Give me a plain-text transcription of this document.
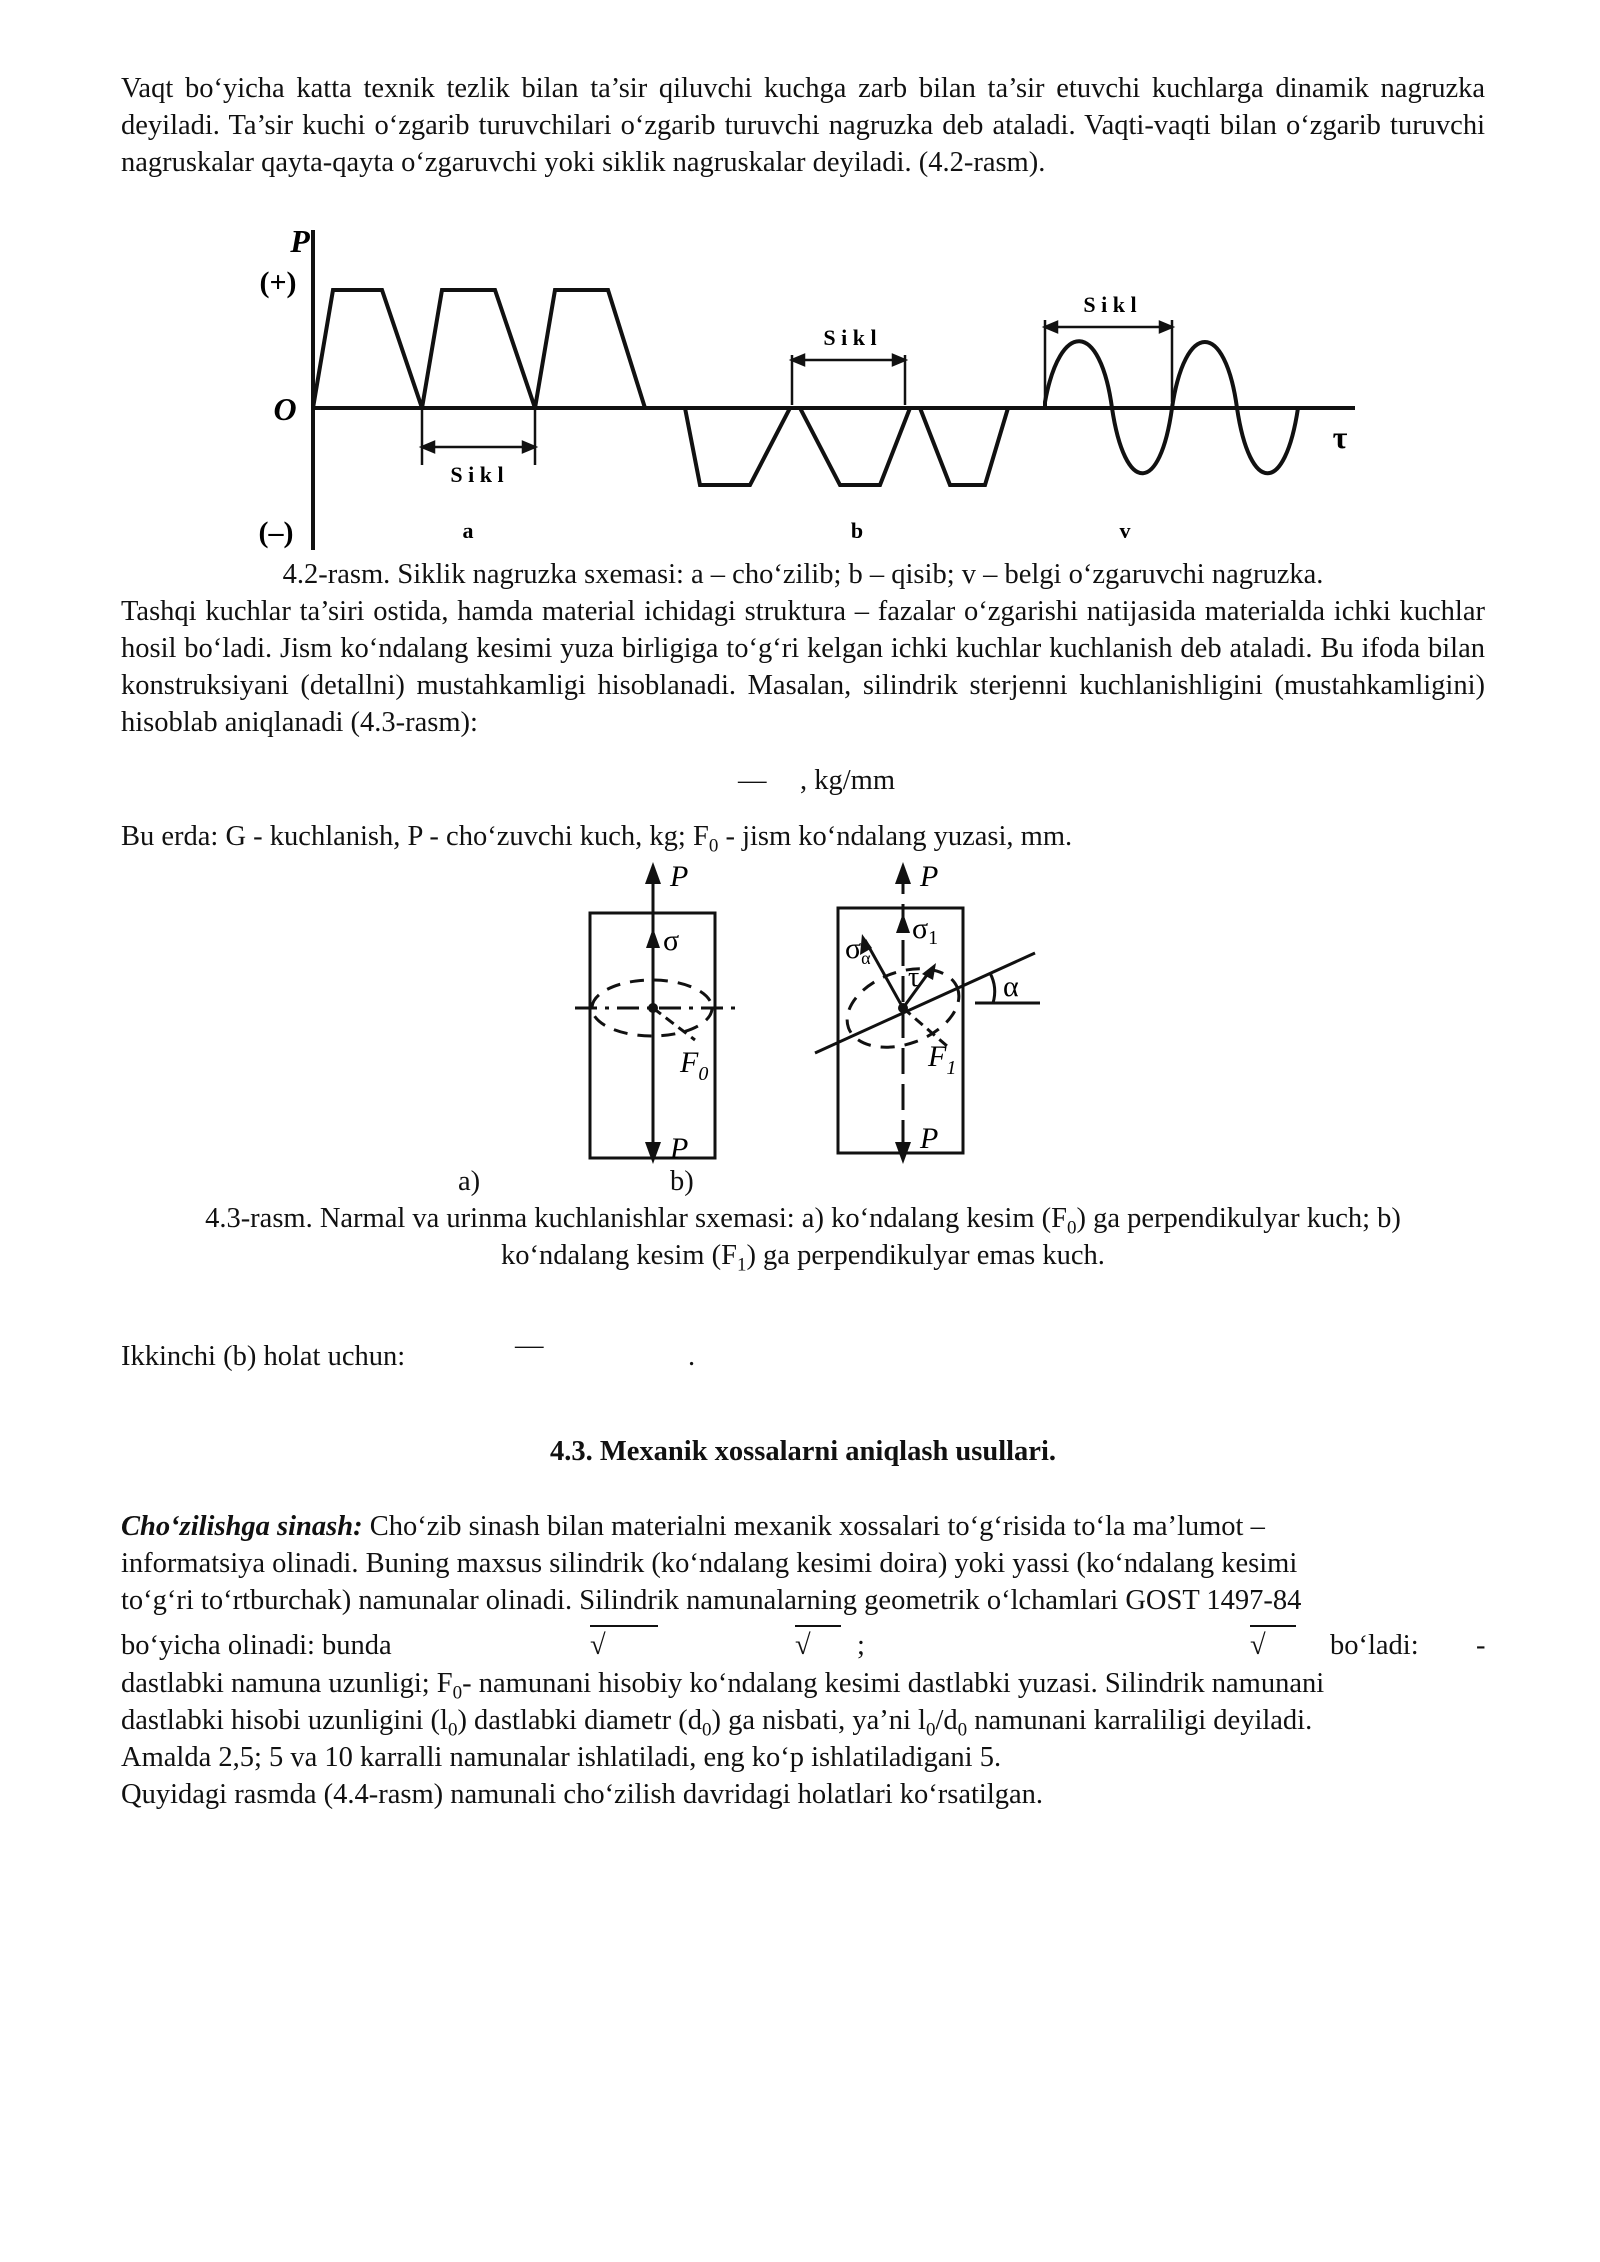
Vaqt bo‘yicha katta texnik tezlik bilan ta’sir qiluvchi kuchga zarb bilan ta’sir etuvchi kuchlarga dinamik nagruzka deyiladi. Ta’sir kuchi o‘zgarib turuvchilari o‘zgarib turuvchi nagruzka deb ataladi. Vaqti-vaqti bilan o‘zgarib turuvchi nagruskalar qayta-qayta o‘zgaruvchi yoki siklik nagruskalar deyiladi. (4.2-rasm).

P
(+)
(–)
O
τ
S i k l
S i k l
S i k l
a	b	v

4.2-rasm. Siklik nagruzka sxemasi: a – cho‘zilib; b – qisib; v – belgi o‘zgaruvchi nagruzka.

Tashqi kuchlar ta’siri ostida, hamda material ichidagi struktura – fazalar o‘zgarishi natijasida materialda ichki kuchlar hosil bo‘ladi. Jism ko‘ndalang kesimi yuza birligiga to‘g‘ri kelgan ichki kuchlar kuchlanish deb ataladi. Bu ifoda bilan konstruksiyani (detallni) mustahkamligi hisoblanadi. Masalan, silindrik sterjenni kuchlanishligini (mustahkamligini) hisoblab aniqlanadi (4.3-rasm):

— , kg/mm

Bu erda: G - kuchlanish, P - cho‘zuvchi kuch, kg; $F_0$ - jism ko‘ndalang yuzasi, mm.

P
P
σ
$F_0$
P
P
$\sigma_\alpha$
$\sigma_1$
τ	α
$F_1$
a)	b)

4.3-rasm. Narmal va urinma kuchlanishlar sxemasi: a) ko‘ndalang kesim $(F_0)$ ga perpendikulyar kuch; b)

ko‘ndalang kesim $(F_1)$ ga perpendikulyar emas kuch.

Ikkinchi (b) holat uchun:	—	.

4.3. Mexanik xossalarni aniqlash usullari.

Cho‘zilishga sinash: Cho‘zib sinash bilan materialni mexanik xossalari to‘g‘risida to‘la ma’lumot –

informatsiya olinadi. Buning maxsus silindrik (ko‘ndalang kesimi doira) yoki yassi (ko‘ndalang kesimi

to‘g‘ri to‘rtburchak) namunalar olinadi. Silindrik namunalarning geometrik o‘lchamlari GOST 1497-84

bo‘yicha olinadi: bunda	√	√	;	√	bo‘ladi: -

dastlabki namuna uzunligi; $F_0-$ namunani hisobiy ko‘ndalang kesimi dastlabki yuzasi. Silindrik namunani

dastlabki hisobi uzunligini $(l_0)$ dastlabki diametr $(d_0)$ ga nisbati, ya’ni $l_0/d_0$ namunani karraliligi deyiladi.

Amalda 2,5; 5 va 10 karralli namunalar ishlatiladi, eng ko‘p ishlatiladigani 5.

Quyidagi rasmda (4.4-rasm) namunali cho‘zilish davridagi holatlari ko‘rsatilgan.
